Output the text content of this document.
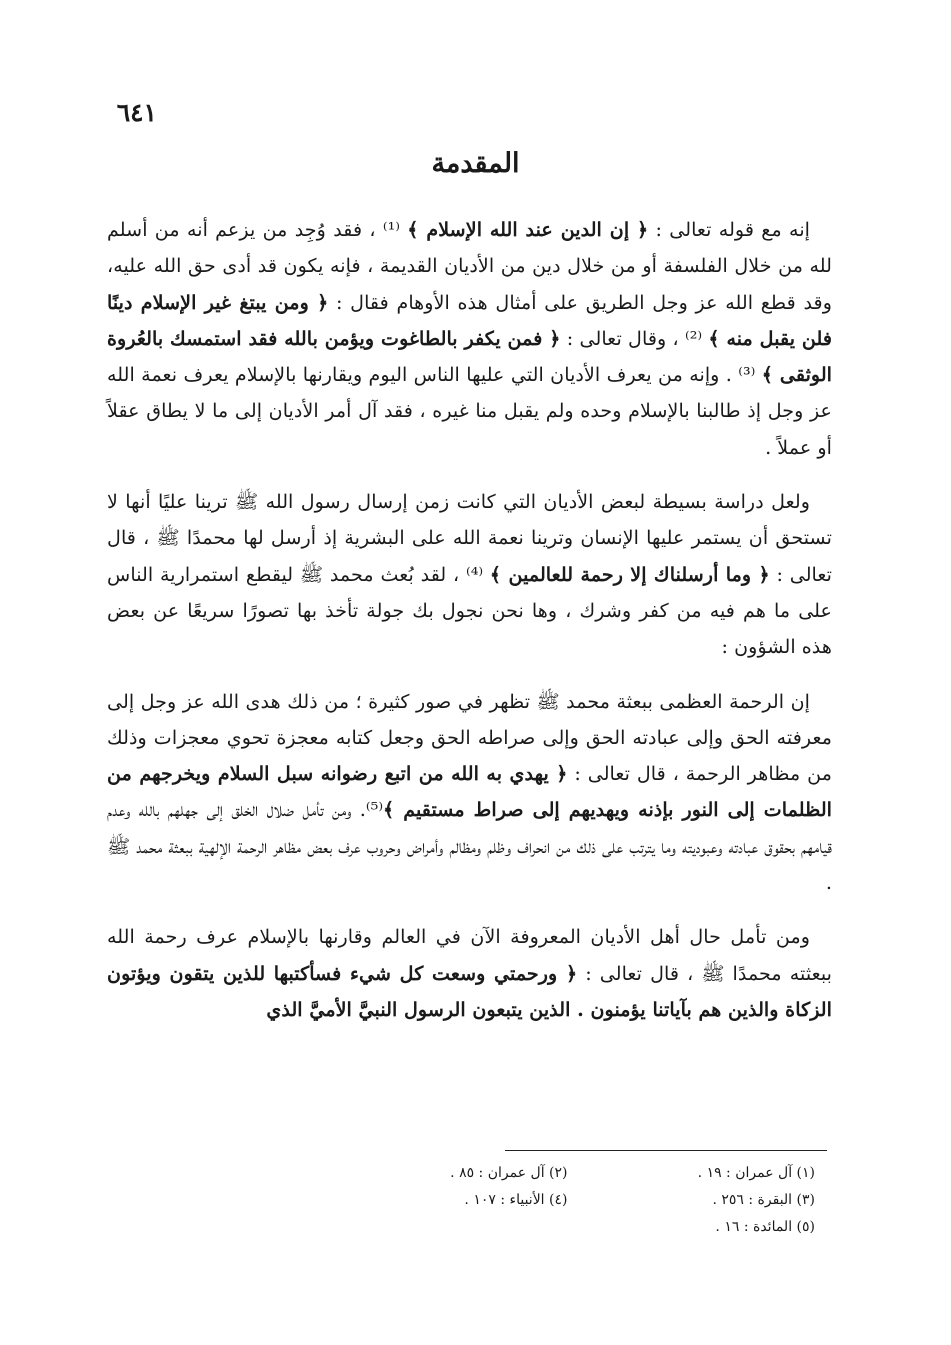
٦٤١
المقدمة

إنه مع قوله تعالى : ﴿ إن الدين عند الله الإسلام ﴾ ⁽¹⁾ ، فقد وُجِد من يزعم أنه من أسلم لله من خلال الفلسفة أو من خلال دين من الأديان القديمة ، فإنه يكون قد أدى حق الله عليه، وقد قطع الله عز وجل الطريق على أمثال هذه الأوهام فقال : ﴿ ومن يبتغ غير الإسلام دينًا فلن يقبل منه ﴾ ⁽²⁾ ، وقال تعالى : ﴿ فمن يكفر بالطاغوت ويؤمن بالله فقد استمسك بالعُروة الوثقى ﴾ ⁽³⁾ . وإنه من يعرف الأديان التي عليها الناس اليوم ويقارنها بالإسلام يعرف نعمة الله عز وجل إذ طالبنا بالإسلام وحده ولم يقبل منا غيره ، فقد آل أمر الأديان إلى ما لا يطاق عقلاً أو عملاً .

ولعل دراسة بسيطة لبعض الأديان التي كانت زمن إرسال رسول الله ﷺ ترينا عليًا أنها لا تستحق أن يستمر عليها الإنسان وترينا نعمة الله على البشرية إذ أرسل لها محمدًا ﷺ ، قال تعالى : ﴿ وما أرسلناك إلا رحمة للعالمين ﴾ ⁽⁴⁾ ، لقد بُعث محمد ﷺ ليقطع استمرارية الناس على ما هم فيه من كفر وشرك ، وها نحن نجول بك جولة تأخذ بها تصورًا سريعًا عن بعض هذه الشؤون :

إن الرحمة العظمى ببعثة محمد ﷺ تظهر في صور كثيرة ؛ من ذلك هدى الله عز وجل إلى معرفته الحق وإلى عبادته الحق وإلى صراطه الحق وجعل كتابه معجزة تحوي معجزات وذلك من مظاهر الرحمة ، قال تعالى : ﴿ يهدي به الله من اتبع رضوانه سبل السلام ويخرجهم من الظلمات إلى النور بإذنه ويهديهم إلى صراط مستقيم ﴾⁽⁵⁾. ومن تأمل ضلال الخلق إلى جهلهم بالله وعدم قيامهم بحقوق عبادته وعبوديته وما يترتب على ذلك من انحراف وظلم ومظالم وأمراض وحروب عرف بعض مظاهر الرحمة الإلهية ببعثة محمد ﷺ .

ومن تأمل حال أهل الأديان المعروفة الآن في العالم وقارنها بالإسلام عرف رحمة الله ببعثته محمدًا ﷺ ، قال تعالى : ﴿ ورحمتي وسعت كل شيء فسأكتبها للذين يتقون ويؤتون الزكاة والذين هم بآياتنا يؤمنون . الذين يتبعون الرسول النبيَّ الأميَّ الذي

(١) آل عمران : ١٩ .
(٢) آل عمران : ٨٥ .
(٣) البقرة : ٢٥٦ .
(٤) الأنبياء : ١٠٧ .
(٥) المائدة : ١٦ .
